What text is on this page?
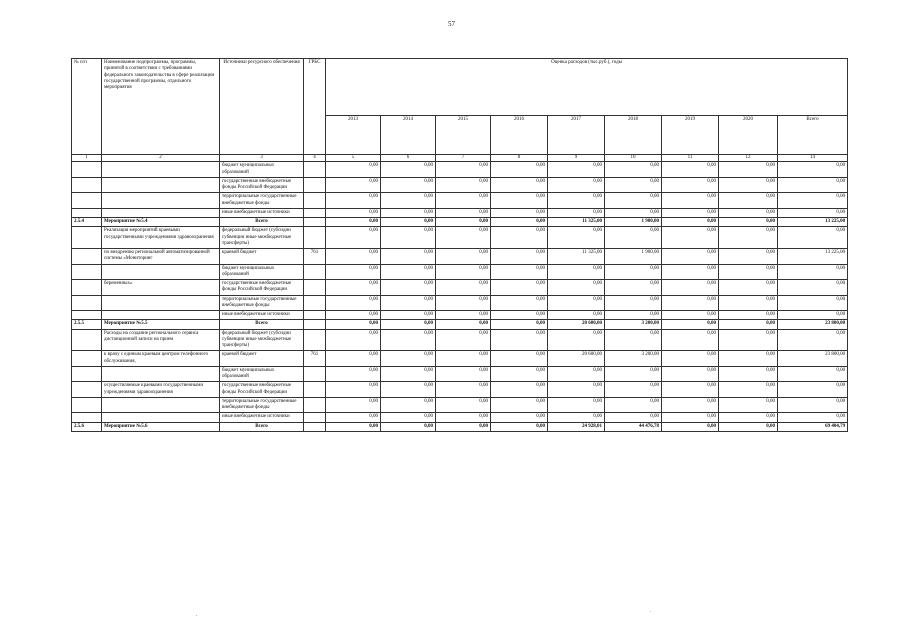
57
№ п/п	Наименование подпрограммы, программы, принятой в соответствии с требованиями федерального законодательства в сфере реализации государственной программы, отдельного мероприятия	Источники ресурсного обеспечения	ГРБС	Оценка расходов (тыс.руб.), годы								
				2013	2014	2015	2016	2017	2018	2019	2020	Всего
1	2	3	4	5	6	7	8	9	10	11	12	14
		бюджет муниципальных образований		0,00	0,00	0,00	0,00	0,00	0,00	0,00	0,00	0,00
		государственные внебюджетные фонды Российской Федерации		0,00	0,00	0,00	0,00	0,00	0,00	0,00	0,00	0,00
		территориальные государственные внебюджетные фонды		0,00	0,00	0,00	0,00	0,00	0,00	0,00	0,00	0,00
		иные внебюджетные источники		0,00	0,00	0,00	0,00	0,00	0,00	0,00	0,00	0,00
2.5.4	Мероприятие №5.4	Всего		0,00	0,00	0,00	0,00	11 325,00	1 900,00	0,00	0,00	13 225,00
	Реализация мероприятий краевыми государственными учреждениями здравоохранения	федеральный бюджет (субсидии субвенции иные межбюджетные трансферты)		0,00	0,00	0,00	0,00	0,00	0,00	0,00	0,00	0,00
	по внедрению региональной автоматизированной системы «Мониторинг	краевой бюджет	761	0,00	0,00	0,00	0,00	11 325,00	1 900,00	0,00	0,00	13 225,00
		бюджет муниципальных образований		0,00	0,00	0,00	0,00	0,00	0,00	0,00	0,00	0,00
	беременных»	государственные внебюджетные фонды Российской Федерации		0,00	0,00	0,00	0,00	0,00	0,00	0,00	0,00	0,00
		территориальные государственные внебюджетные фонды		0,00	0,00	0,00	0,00	0,00	0,00	0,00	0,00	0,00
		иные внебюджетные источники		0,00	0,00	0,00	0,00	0,00	0,00	0,00	0,00	0,00
2.5.5	Мероприятие №5.5	Всего		0,00	0,00	0,00	0,00	20 600,00	3 200,00	0,00	0,00	23 800,00
	Расходы на создание регионального сервиса дистанционной записи на прием	федеральный бюджет (субсидии субвенции иные межбюджетные трансферты)		0,00	0,00	0,00	0,00	0,00	0,00	0,00	0,00	0,00
	к врачу с единым краевым центром телефонного обслуживания,	краевой бюджет	761	0,00	0,00	0,00	0,00	20 600,00	3 200,00	0,00	0,00	23 800,00
		бюджет муниципальных образований		0,00	0,00	0,00	0,00	0,00	0,00	0,00	0,00	0,00
	осуществляемые краевыми государственными учреждениями здравоохранения	государственные внебюджетные фонды Российской Федерации		0,00	0,00	0,00	0,00	0,00	0,00	0,00	0,00	0,00
		территориальные государственные внебюджетные фонды		0,00	0,00	0,00	0,00	0,00	0,00	0,00	0,00	0,00
		иные внебюджетные источники		0,00	0,00	0,00	0,00	0,00	0,00	0,00	0,00	0,00
2.5.6	Мероприятие №5.6	Всего		0,00	0,00	0,00	0,00	24 928,01	44 476,78	0,00	0,00	69 404,79
.
.
